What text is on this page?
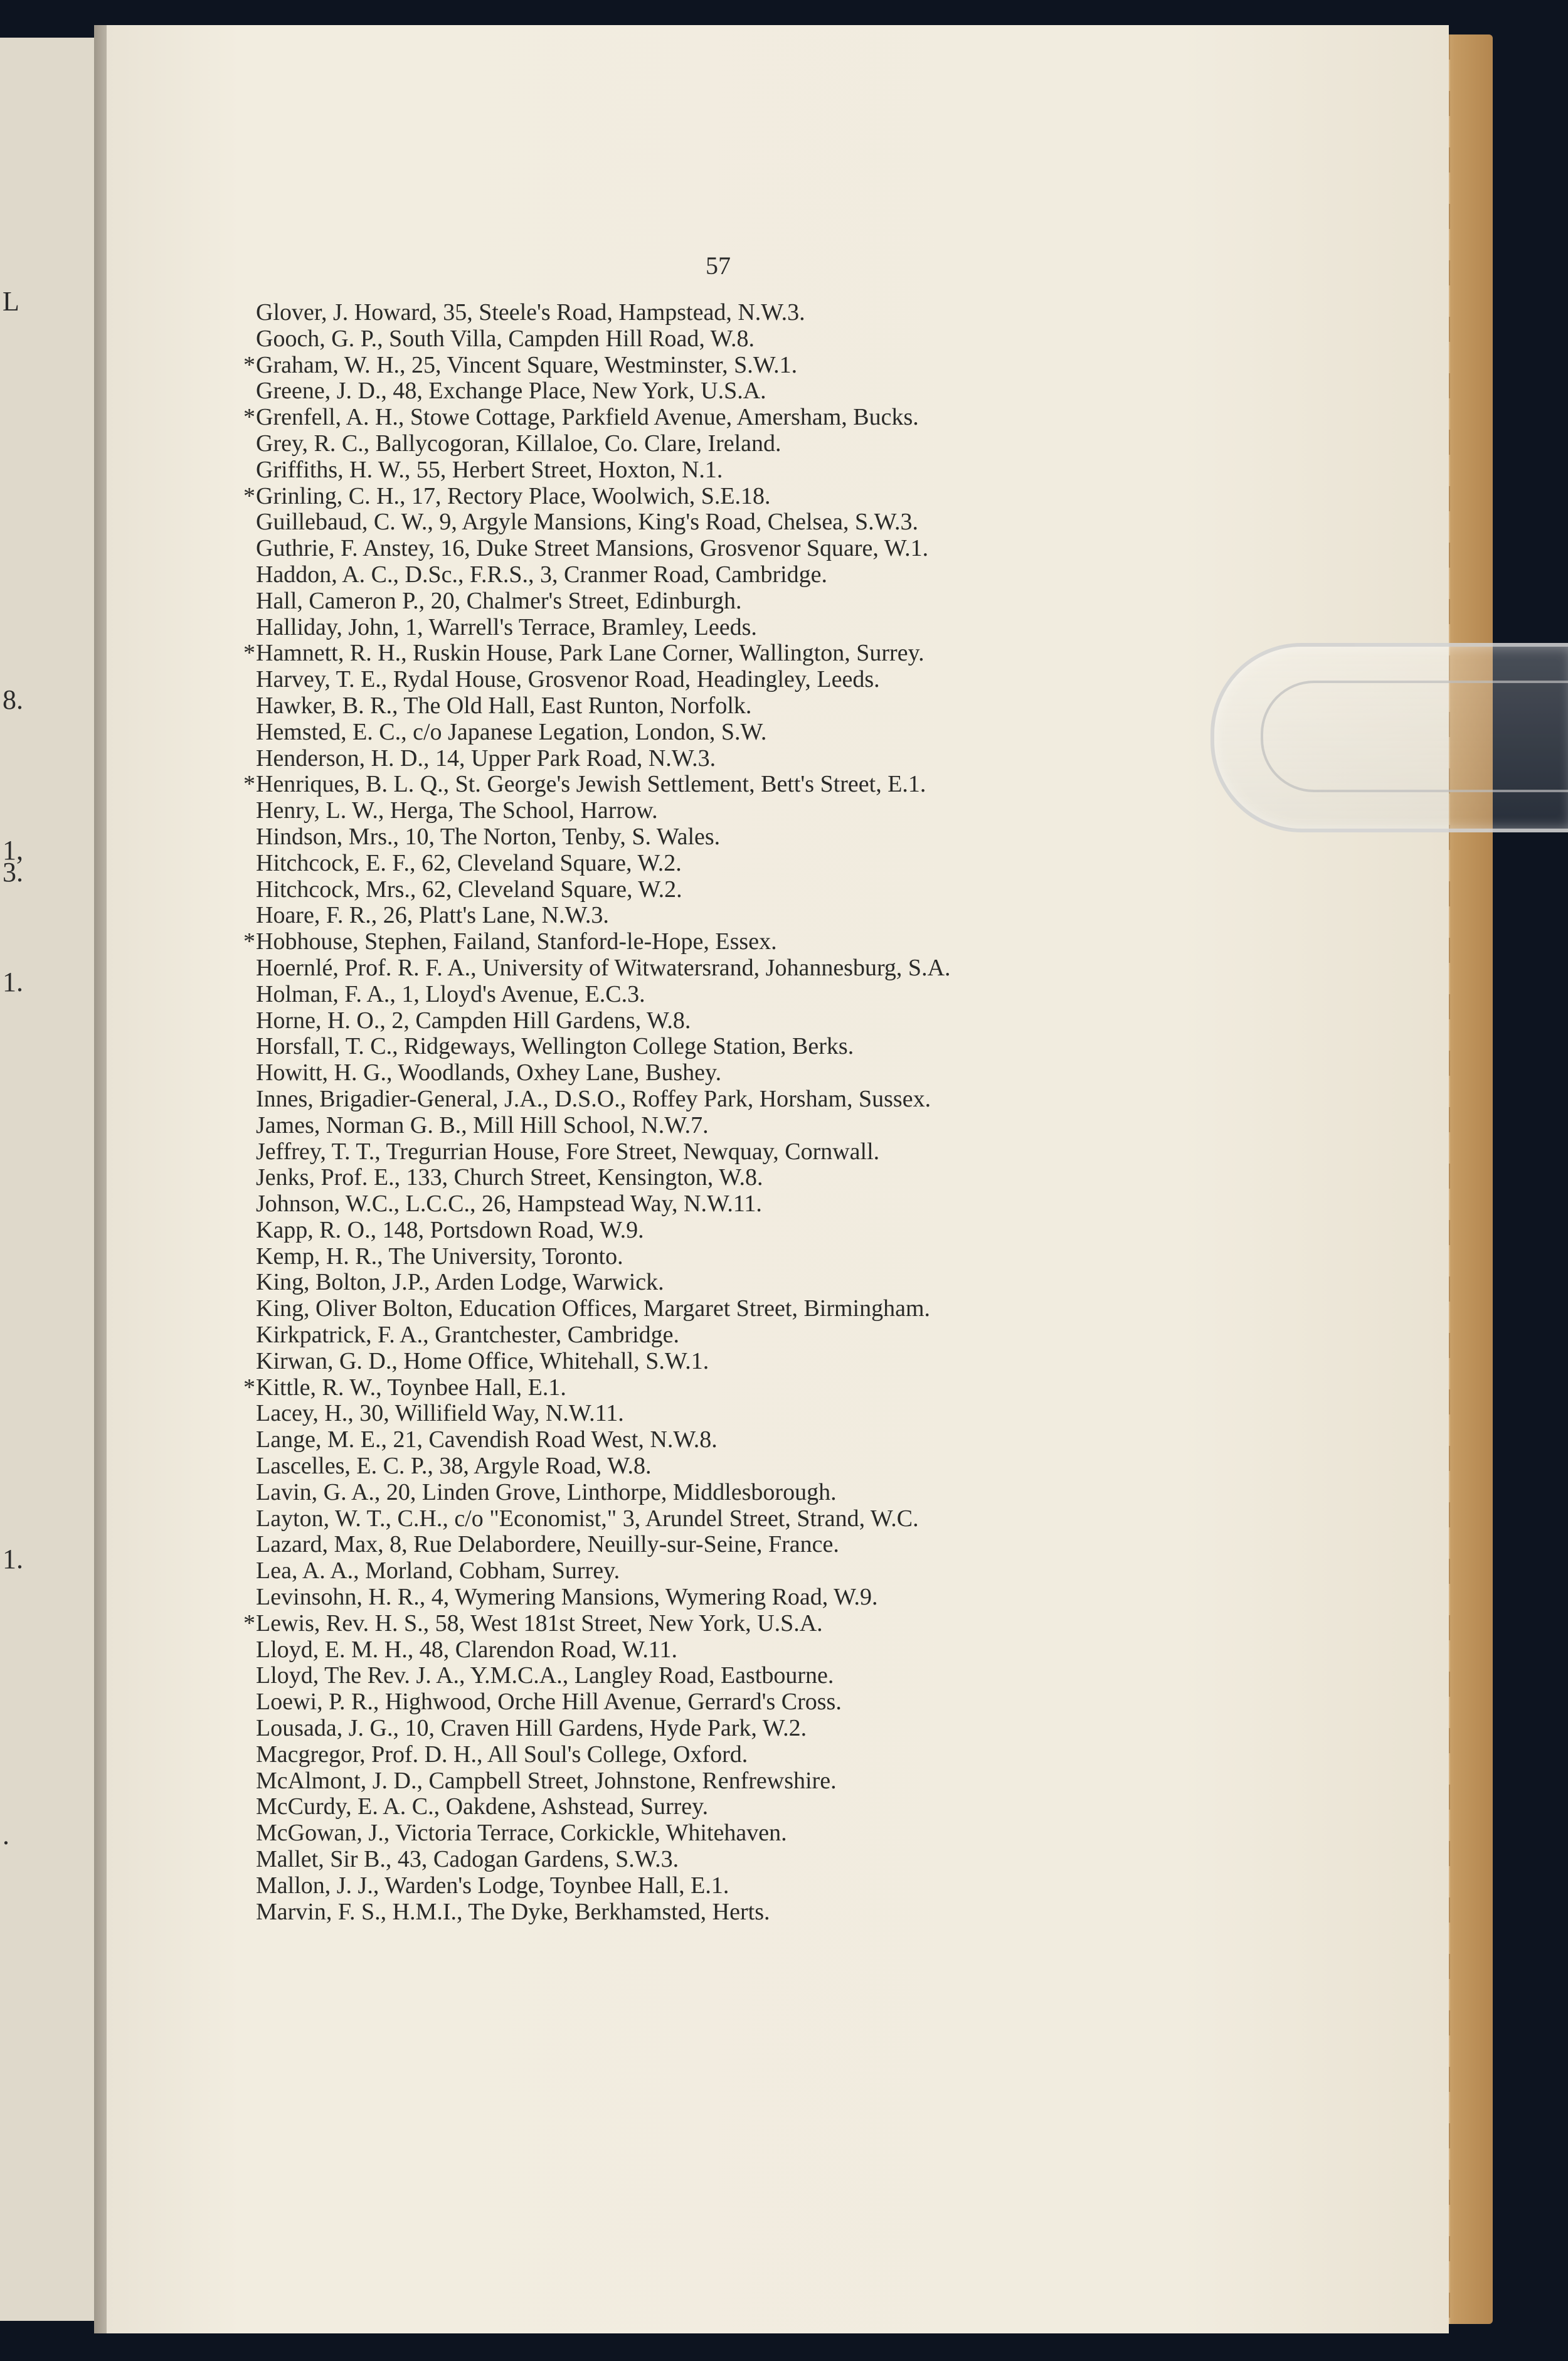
L
8.
1,
3.
1.
1.
.
57
Glover, J. Howard, 35, Steele's Road, Hampstead, N.W.3.
Gooch, G. P., South Villa, Campden Hill Road, W.8.
* Graham, W. H., 25, Vincent Square, Westminster, S.W.1.
Greene, J. D., 48, Exchange Place, New York, U.S.A.
* Grenfell, A. H., Stowe Cottage, Parkfield Avenue, Amersham, Bucks.
Grey, R. C., Ballycogoran, Killaloe, Co. Clare, Ireland.
Griffiths, H. W., 55, Herbert Street, Hoxton, N.1.
* Grinling, C. H., 17, Rectory Place, Woolwich, S.E.18.
Guillebaud, C. W., 9, Argyle Mansions, King's Road, Chelsea, S.W.3.
Guthrie, F. Anstey, 16, Duke Street Mansions, Grosvenor Square, W.1.
Haddon, A. C., D.Sc., F.R.S., 3, Cranmer Road, Cambridge.
Hall, Cameron P., 20, Chalmer's Street, Edinburgh.
Halliday, John, 1, Warrell's Terrace, Bramley, Leeds.
* Hamnett, R. H., Ruskin House, Park Lane Corner, Wallington, Surrey.
Harvey, T. E., Rydal House, Grosvenor Road, Headingley, Leeds.
Hawker, B. R., The Old Hall, East Runton, Norfolk.
Hemsted, E. C., c/o Japanese Legation, London, S.W.
Henderson, H. D., 14, Upper Park Road, N.W.3.
* Henriques, B. L. Q., St. George's Jewish Settlement, Bett's Street, E.1.
Henry, L. W., Herga, The School, Harrow.
Hindson, Mrs., 10, The Norton, Tenby, S. Wales.
Hitchcock, E. F., 62, Cleveland Square, W.2.
Hitchcock, Mrs., 62, Cleveland Square, W.2.
Hoare, F. R., 26, Platt's Lane, N.W.3.
* Hobhouse, Stephen, Failand, Stanford-le-Hope, Essex.
Hoernlé, Prof. R. F. A., University of Witwatersrand, Johannesburg, S.A.
Holman, F. A., 1, Lloyd's Avenue, E.C.3.
Horne, H. O., 2, Campden Hill Gardens, W.8.
Horsfall, T. C., Ridgeways, Wellington College Station, Berks.
Howitt, H. G., Woodlands, Oxhey Lane, Bushey.
Innes, Brigadier-General, J.A., D.S.O., Roffey Park, Horsham, Sussex.
James, Norman G. B., Mill Hill School, N.W.7.
Jeffrey, T. T., Tregurrian House, Fore Street, Newquay, Cornwall.
Jenks, Prof. E., 133, Church Street, Kensington, W.8.
Johnson, W.C., L.C.C., 26, Hampstead Way, N.W.11.
Kapp, R. O., 148, Portsdown Road, W.9.
Kemp, H. R., The University, Toronto.
King, Bolton, J.P., Arden Lodge, Warwick.
King, Oliver Bolton, Education Offices, Margaret Street, Birmingham.
Kirkpatrick, F. A., Grantchester, Cambridge.
Kirwan, G. D., Home Office, Whitehall, S.W.1.
* Kittle, R. W., Toynbee Hall, E.1.
Lacey, H., 30, Willifield Way, N.W.11.
Lange, M. E., 21, Cavendish Road West, N.W.8.
Lascelles, E. C. P., 38, Argyle Road, W.8.
Lavin, G. A., 20, Linden Grove, Linthorpe, Middlesborough.
Layton, W. T., C.H., c/o "Economist," 3, Arundel Street, Strand, W.C.
Lazard, Max, 8, Rue Delabordere, Neuilly-sur-Seine, France.
Lea, A. A., Morland, Cobham, Surrey.
Levinsohn, H. R., 4, Wymering Mansions, Wymering Road, W.9.
* Lewis, Rev. H. S., 58, West 181st Street, New York, U.S.A.
Lloyd, E. M. H., 48, Clarendon Road, W.11.
Lloyd, The Rev. J. A., Y.M.C.A., Langley Road, Eastbourne.
Loewi, P. R., Highwood, Orche Hill Avenue, Gerrard's Cross.
Lousada, J. G., 10, Craven Hill Gardens, Hyde Park, W.2.
Macgregor, Prof. D. H., All Soul's College, Oxford.
McAlmont, J. D., Campbell Street, Johnstone, Renfrewshire.
McCurdy, E. A. C., Oakdene, Ashstead, Surrey.
McGowan, J., Victoria Terrace, Corkickle, Whitehaven.
Mallet, Sir B., 43, Cadogan Gardens, S.W.3.
Mallon, J. J., Warden's Lodge, Toynbee Hall, E.1.
Marvin, F. S., H.M.I., The Dyke, Berkhamsted, Herts.
